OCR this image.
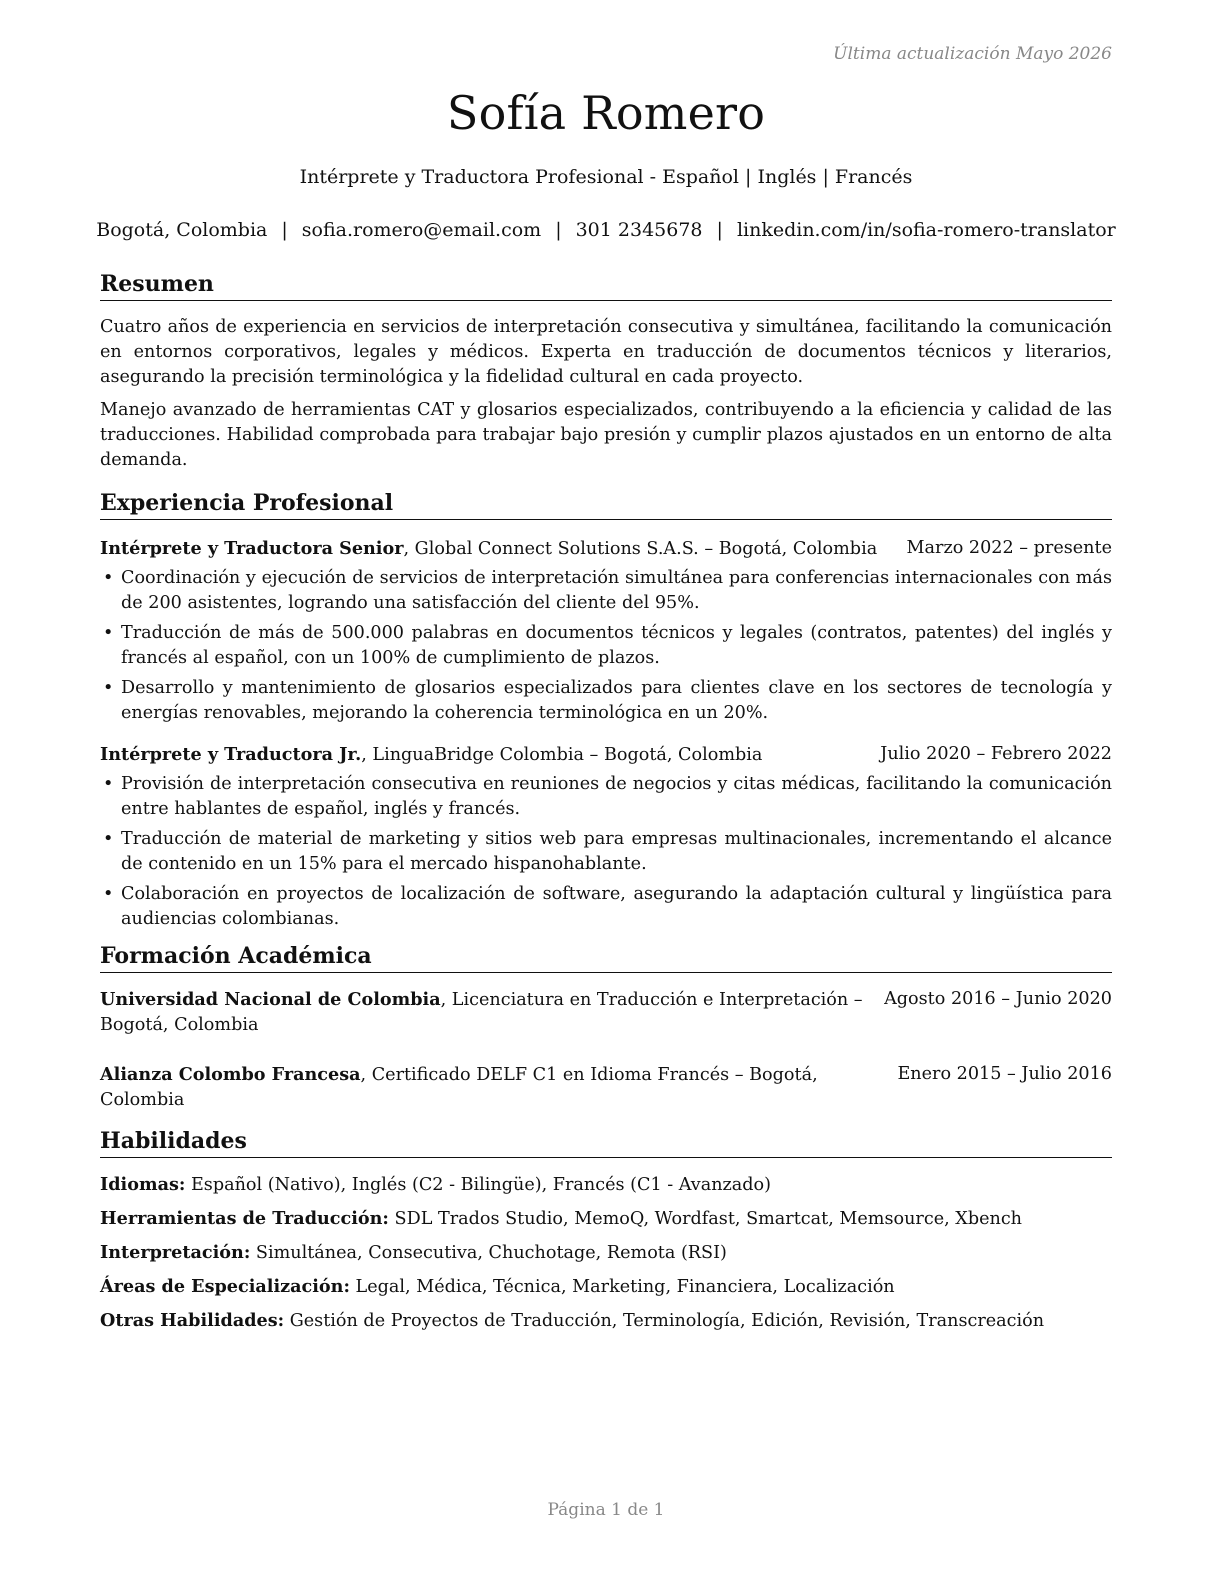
Última actualización Mayo 2026
Sofía Romero
Intérprete y Traductora Profesional - Español | Inglés | Francés
Bogotá, Colombia | sofia.romero@email.com | 301 2345678 | linkedin.com/in/sofia-romero-translator
Resumen

Cuatro años de experiencia en servicios de interpretación consecutiva y simultánea, facilitando la comunicación en entornos corporativos, legales y médicos. Experta en traducción de documentos técnicos y literarios, asegurando la precisión terminológica y la fidelidad cultural en cada proyecto.

Manejo avanzado de herramientas CAT y glosarios especializados, contribuyendo a la eficiencia y calidad de las traducciones. Habilidad comprobada para trabajar bajo presión y cumplir plazos ajustados en un entorno de alta demanda.

Experiencia Profesional
Intérprete y Traductora Senior, Global Connect Solutions S.A.S. – Bogotá, Colombia	Marzo 2022 – presente
• Coordinación y ejecución de servicios de interpretación simultánea para conferencias internacionales con más de 200 asistentes, logrando una satisfacción del cliente del 95%.
• Traducción de más de 500.000 palabras en documentos técnicos y legales (contratos, patentes) del inglés y francés al español, con un 100% de cumplimiento de plazos.
• Desarrollo y mantenimiento de glosarios especializados para clientes clave en los sectores de tecnología y energías renovables, mejorando la coherencia terminológica en un 20%.
Intérprete y Traductora Jr., LinguaBridge Colombia – Bogotá, Colombia	Julio 2020 – Febrero 2022
• Provisión de interpretación consecutiva en reuniones de negocios y citas médicas, facilitando la comunicación entre hablantes de español, inglés y francés.
• Traducción de material de marketing y sitios web para empresas multinacionales, incrementando el alcance de contenido en un 15% para el mercado hispanohablante.
• Colaboración en proyectos de localización de software, asegurando la adaptación cultural y lingüística para audiencias colombianas.
Formación Académica
Universidad Nacional de Colombia, Licenciatura en Traducción e Interpretación – Bogotá, Colombia
Agosto 2016 – Junio 2020
Alianza Colombo Francesa, Certificado DELF C1 en Idioma Francés – Bogotá, Colombia
Enero 2015 – Julio 2016
Habilidades
Idiomas: Español (Nativo), Inglés (C2 - Bilingüe), Francés (C1 - Avanzado)
Herramientas de Traducción: SDL Trados Studio, MemoQ, Wordfast, Smartcat, Memsource, Xbench
Interpretación: Simultánea, Consecutiva, Chuchotage, Remota (RSI)
Áreas de Especialización: Legal, Médica, Técnica, Marketing, Financiera, Localización
Otras Habilidades: Gestión de Proyectos de Traducción, Terminología, Edición, Revisión, Transcreación
Página 1 de 1
